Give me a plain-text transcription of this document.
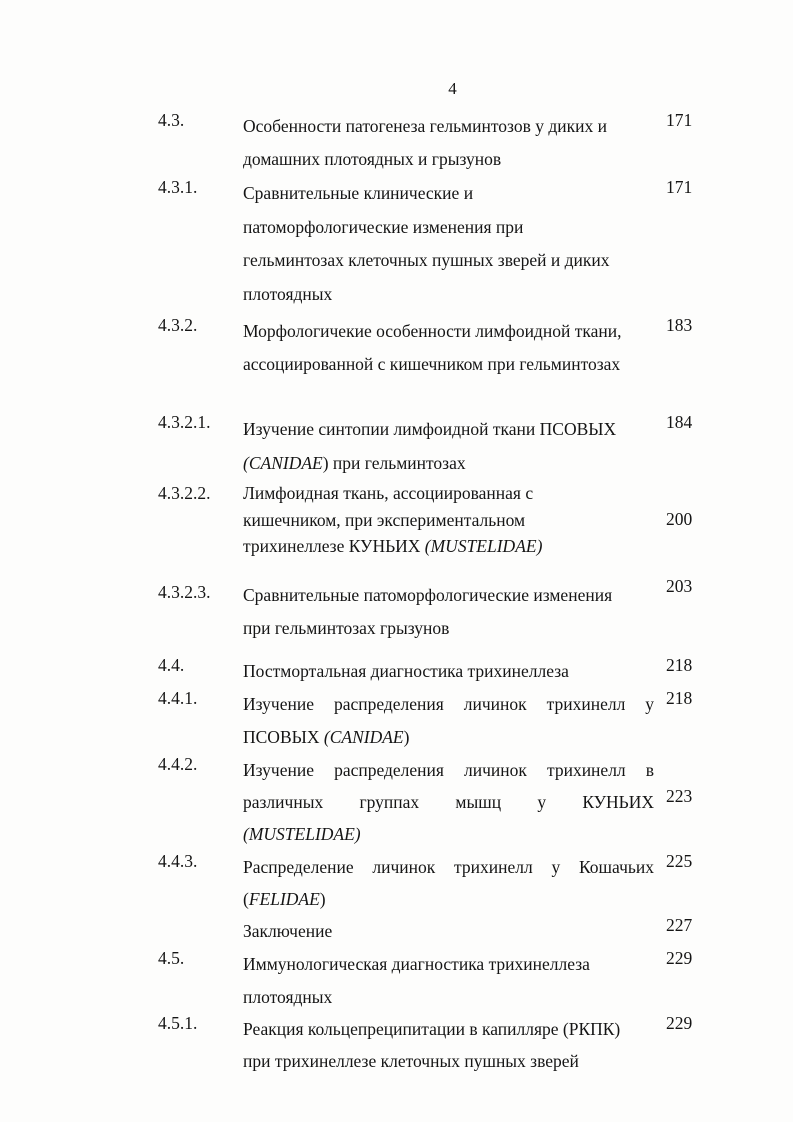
4
4.3.	Особенности патогенеза гельминтозов у диких и
домашних плотоядных и грызунов
171
4.3.1.	Сравнительные клинические и
патоморфологические изменения при
гельминтозах клеточных пушных зверей и диких
плотоядных
171
4.3.2.	Морфологичекие особенности лимфоидной ткани,
ассоциированной с кишечником при гельминтозах
183
4.3.2.1. Изучение синтопии лимфоидной ткани ПСОВЫХ
(CANIDAE) при гельминтозах
184
4.3.2.2. Лимфоидная ткань, ассоциированная с
кишечником, при экспериментальном
трихинеллезе КУНЬИХ (MUSTELIDAE)
200
4.3.2.3. Сравнительные патоморфологические изменения
при гельминтозах грызунов
203
4.4.	Постмортальная диагностика трихинеллеза	218
4.4.1.	Изучение распределения личинок трихинелл у
ПСОВЫХ (CANIDAE)
218
4.4.2.	Изучение распределения личинок трихинелл в
различных группах мышц у КУНЬИХ
(MUSTELIDAE)
223
4.4.3.	Распределение личинок трихинелл у Кошачьих
(FELIDAE)
225
Заключение	227
4.5.	Иммунологическая диагностика трихинеллеза
плотоядных
229
4.5.1.	Реакция кольцепреципитации в капилляре (РКПК)
при трихинеллезе клеточных пушных зверей
229
